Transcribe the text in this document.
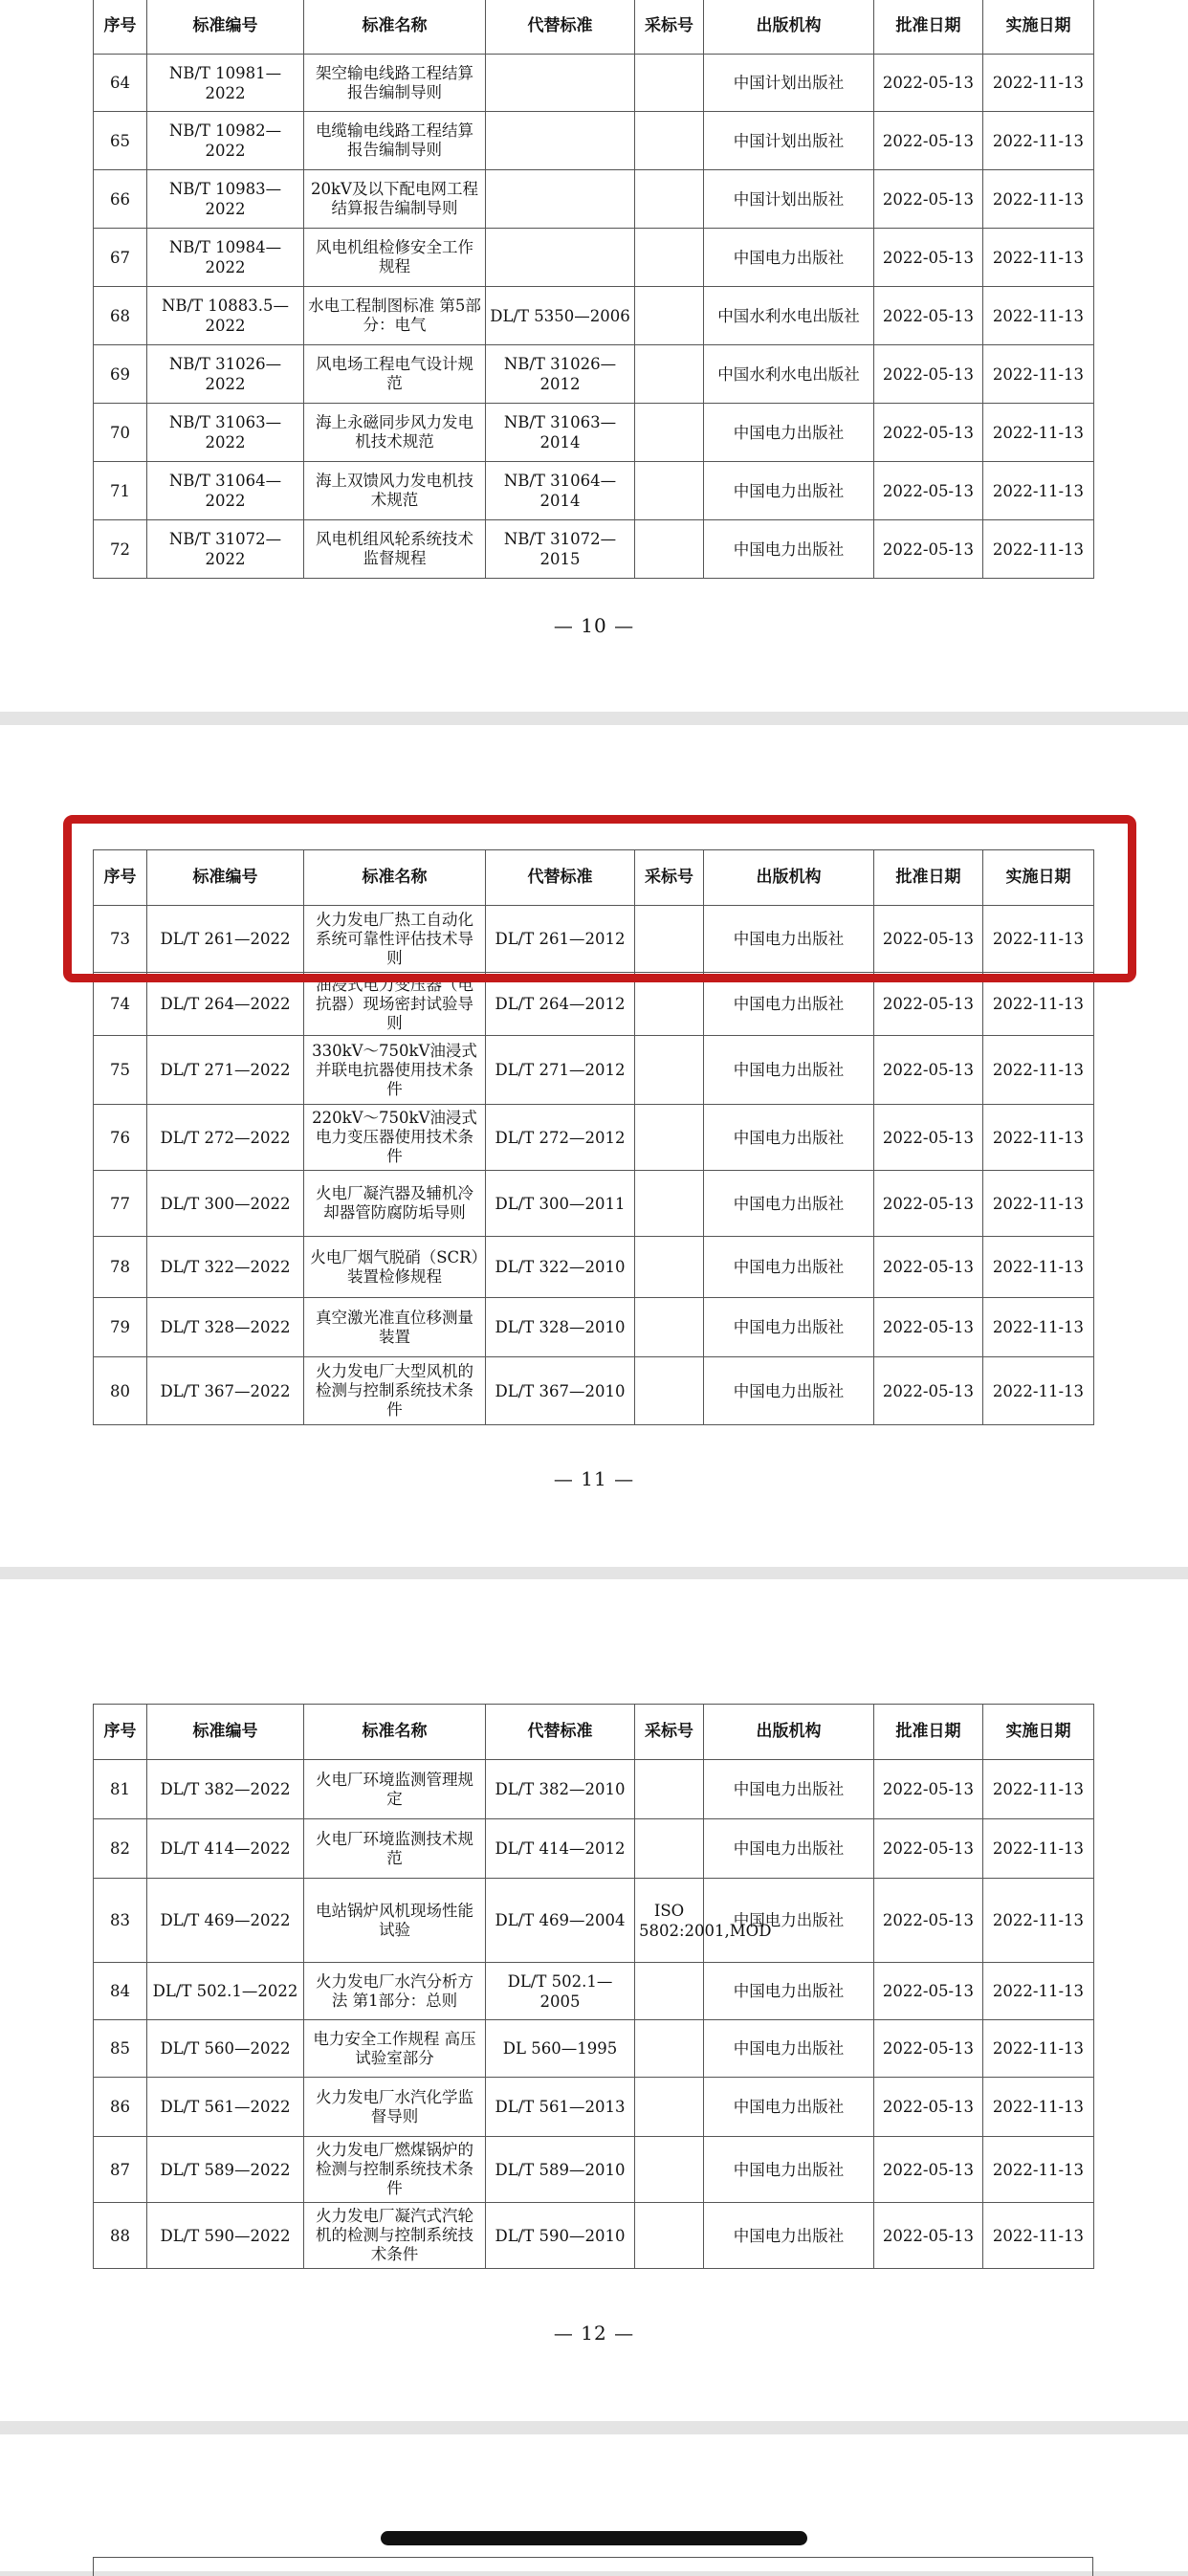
序号	标准编号	标准名称	代替标准	采标号	出版机构	批准日期	实施日期
64	NB/T 10981—2022	架空输电线路工程结算报告编制导则			中国计划出版社	2022-05-13	2022-11-13
65	NB/T 10982—2022	电缆输电线路工程结算报告编制导则			中国计划出版社	2022-05-13	2022-11-13
66	NB/T 10983—2022	20kV及以下配电网工程结算报告编制导则			中国计划出版社	2022-05-13	2022-11-13
67	NB/T 10984—2022	风电机组检修安全工作规程			中国电力出版社	2022-05-13	2022-11-13
68	NB/T 10883.5—2022	水电工程制图标准 第5部分：电气	DL/T 5350—2006		中国水利水电出版社	2022-05-13	2022-11-13
69	NB/T 31026—2022	风电场工程电气设计规范	NB/T 31026—2012		中国水利水电出版社	2022-05-13	2022-11-13
70	NB/T 31063—2022	海上永磁同步风力发电机技术规范	NB/T 31063—2014		中国电力出版社	2022-05-13	2022-11-13
71	NB/T 31064—2022	海上双馈风力发电机技术规范	NB/T 31064—2014		中国电力出版社	2022-05-13	2022-11-13
72	NB/T 31072—2022	风电机组风轮系统技术监督规程	NB/T 31072—2015		中国电力出版社	2022-05-13	2022-11-13
— 10 —
序号	标准编号	标准名称	代替标准	采标号	出版机构	批准日期	实施日期
73	DL/T 261—2022	火力发电厂热工自动化系统可靠性评估技术导则	DL/T 261—2012		中国电力出版社	2022-05-13	2022-11-13
74	DL/T 264—2022	油浸式电力变压器（电抗器）现场密封试验导则	DL/T 264—2012		中国电力出版社	2022-05-13	2022-11-13
75	DL/T 271—2022	330kV～750kV油浸式并联电抗器使用技术条件	DL/T 271—2012		中国电力出版社	2022-05-13	2022-11-13
76	DL/T 272—2022	220kV～750kV油浸式电力变压器使用技术条件	DL/T 272—2012		中国电力出版社	2022-05-13	2022-11-13
77	DL/T 300—2022	火电厂凝汽器及辅机冷却器管防腐防垢导则	DL/T 300—2011		中国电力出版社	2022-05-13	2022-11-13
78	DL/T 322—2022	火电厂烟气脱硝（SCR）装置检修规程	DL/T 322—2010		中国电力出版社	2022-05-13	2022-11-13
79	DL/T 328—2022	真空激光准直位移测量装置	DL/T 328—2010		中国电力出版社	2022-05-13	2022-11-13
80	DL/T 367—2022	火力发电厂大型风机的检测与控制系统技术条件	DL/T 367—2010		中国电力出版社	2022-05-13	2022-11-13
— 11 —
序号	标准编号	标准名称	代替标准	采标号	出版机构	批准日期	实施日期
81	DL/T 382—2022	火电厂环境监测管理规定	DL/T 382—2010		中国电力出版社	2022-05-13	2022-11-13
82	DL/T 414—2022	火电厂环境监测技术规范	DL/T 414—2012		中国电力出版社	2022-05-13	2022-11-13
83	DL/T 469—2022	电站锅炉风机现场性能试验	DL/T 469—2004	ISO 5802:2001,MOD	中国电力出版社	2022-05-13	2022-11-13
84	DL/T 502.1—2022	火力发电厂水汽分析方法 第1部分：总则	DL/T 502.1—2005		中国电力出版社	2022-05-13	2022-11-13
85	DL/T 560—2022	电力安全工作规程 高压试验室部分	DL 560—1995		中国电力出版社	2022-05-13	2022-11-13
86	DL/T 561—2022	火力发电厂水汽化学监督导则	DL/T 561—2013		中国电力出版社	2022-05-13	2022-11-13
87	DL/T 589—2022	火力发电厂燃煤锅炉的检测与控制系统技术条件	DL/T 589—2010		中国电力出版社	2022-05-13	2022-11-13
88	DL/T 590—2022	火力发电厂凝汽式汽轮机的检测与控制系统技术条件	DL/T 590—2010		中国电力出版社	2022-05-13	2022-11-13
— 12 —
